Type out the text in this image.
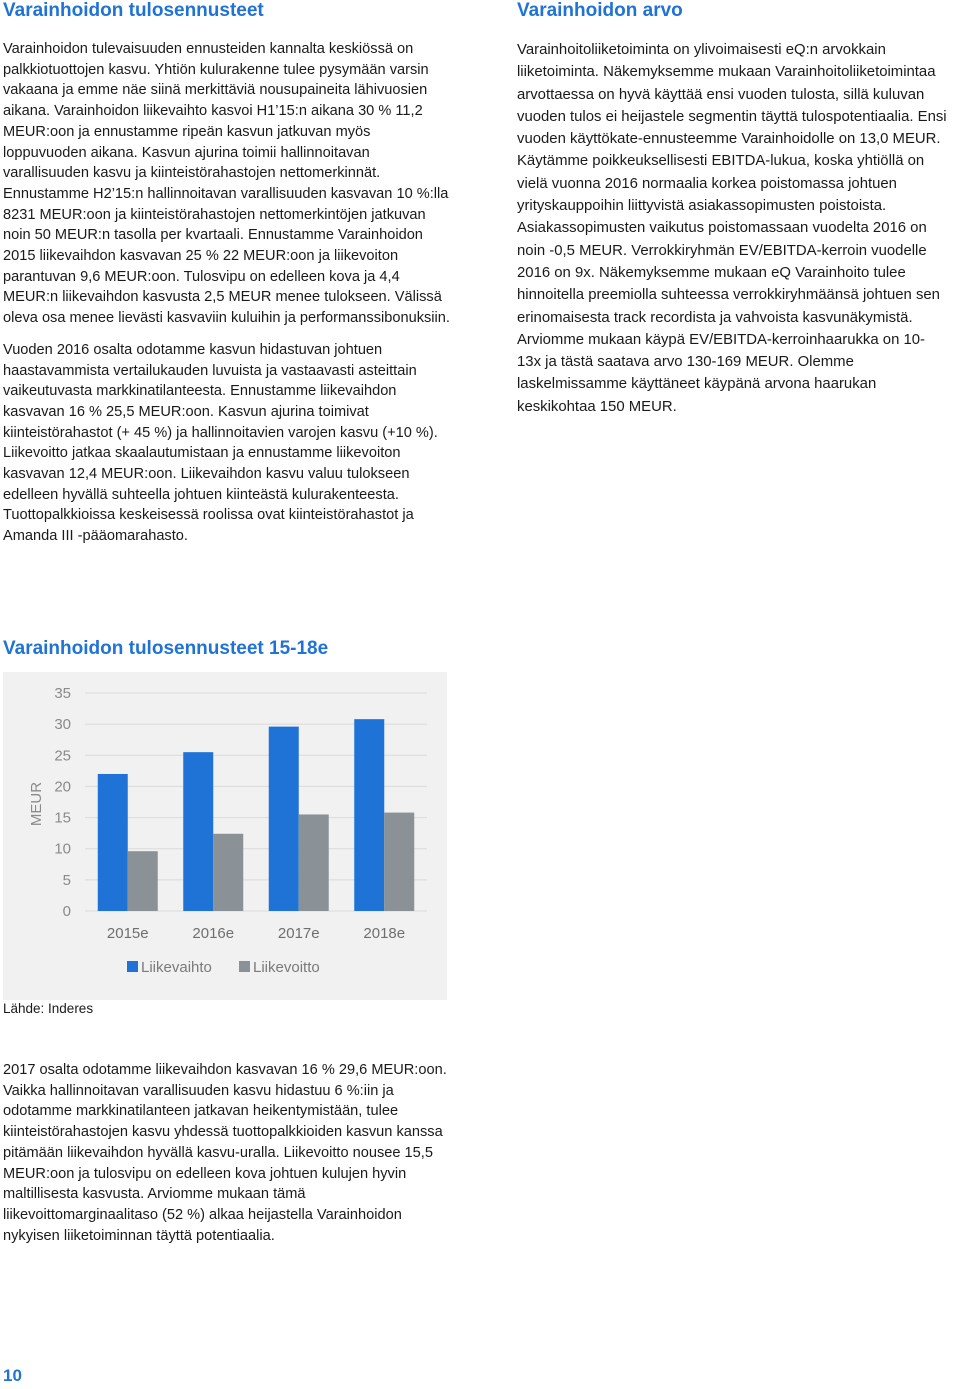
Varainhoidon tulosennusteet

Varainhoidon tulevaisuuden ennusteiden kannalta keskiössä on palkkiotuottojen kasvu. Yhtiön kulurakenne tulee pysymään varsin vakaana ja emme näe siinä merkittäviä nousupaineita lähivuosien aikana. Varainhoidon liikevaihto kasvoi H1’15:n aikana 30 % 11,2 MEUR:oon ja ennustamme ripeän kasvun jatkuvan myös loppuvuoden aikana. Kasvun ajurina toimii hallinnoitavan varallisuuden kasvu ja kiinteistörahastojen nettomerkinnät. Ennustamme H2’15:n hallinnoitavan varallisuuden kasvavan 10 %:lla 8231 MEUR:oon ja kiinteistörahastojen nettomerkintöjen jatkuvan noin 50 MEUR:n tasolla per kvartaali. Ennustamme Varainhoidon 2015 liikevaihdon kasvavan 25 % 22 MEUR:oon ja liikevoiton parantuvan 9,6 MEUR:oon. Tulosvipu on edelleen kova ja 4,4 MEUR:n liikevaihdon kasvusta 2,5 MEUR menee tulokseen. Välissä oleva osa menee lievästi kasvaviin kuluihin ja performanssibonuksiin.

Vuoden 2016 osalta odotamme kasvun hidastuvan johtuen haastavammista vertailukauden luvuista ja vastaavasti asteittain vaikeutuvasta markkinatilanteesta. Ennustamme liikevaihdon kasvavan 16 % 25,5 MEUR:oon. Kasvun ajurina toimivat kiinteistörahastot (+ 45 %) ja hallinnoitavien varojen kasvu (+10 %). Liikevoitto jatkaa skaalautumistaan ja ennustamme liikevoiton kasvavan 12,4 MEUR:oon. Liikevaihdon kasvu valuu tulokseen edelleen hyvällä suhteella johtuen kiinteästä kulurakenteesta. Tuottopalkkioissa keskeisessä roolissa ovat kiinteistörahastot ja Amanda III -pääomarahasto.

Varainhoidon arvo

Varainhoitoliiketoiminta on ylivoimaisesti eQ:n arvokkain liiketoiminta. Näkemyksemme mukaan Varainhoitoliiketoimintaa arvottaessa on hyvä käyttää ensi vuoden tulosta, sillä kuluvan vuoden tulos ei heijastele segmentin täyttä tulospotentiaalia. Ensi vuoden käyttökate-ennusteemme Varainhoidolle on 13,0 MEUR. Käytämme poikkeuksellisesti EBITDA-lukua, koska yhtiöllä on vielä vuonna 2016 normaalia korkea poistomassa johtuen yrityskauppoihin liittyvistä asiakassopimusten poistoista. Asiakassopimusten vaikutus poistomassaan vuodelta 2016 on noin -0,5 MEUR. Verrokkiryhmän EV/EBITDA-kerroin vuodelle 2016 on 9x. Näkemyksemme mukaan eQ Varainhoito tulee hinnoitella preemiolla suhteessa verrokkiryhmäänsä johtuen sen erinomaisesta track recordista ja vahvoista kasvunäkymistä. Arviomme mukaan käypä EV/EBITDA-kerroinhaarukka on 10-13x ja tästä saatava arvo 130-169 MEUR. Olemme laskelmissamme käyttäneet käypänä arvona haarukan keskikohtaa 150 MEUR.

Varainhoidon tulosennusteet 15-18e
0
5
10
15
20
25
30
35
MEUR
2015e	2016e	2017e	2018e
Liikevaihto	Liikevoitto
Lähde: Inderes

2017 osalta odotamme liikevaihdon kasvavan 16 % 29,6 MEUR:oon. Vaikka hallinnoitavan varallisuuden kasvu hidastuu 6 %:iin ja odotamme markkinatilanteen jatkavan heikentymistään, tulee kiinteistörahastojen kasvu yhdessä tuottopalkkioiden kasvun kanssa pitämään liikevaihdon hyvällä kasvu-uralla. Liikevoitto nousee 15,5 MEUR:oon ja tulosvipu on edelleen kova johtuen kulujen hyvin maltillisesta kasvusta. Arviomme mukaan tämä liikevoittomarginaalitaso (52 %) alkaa heijastella Varainhoidon nykyisen liiketoiminnan täyttä potentiaalia.

10
